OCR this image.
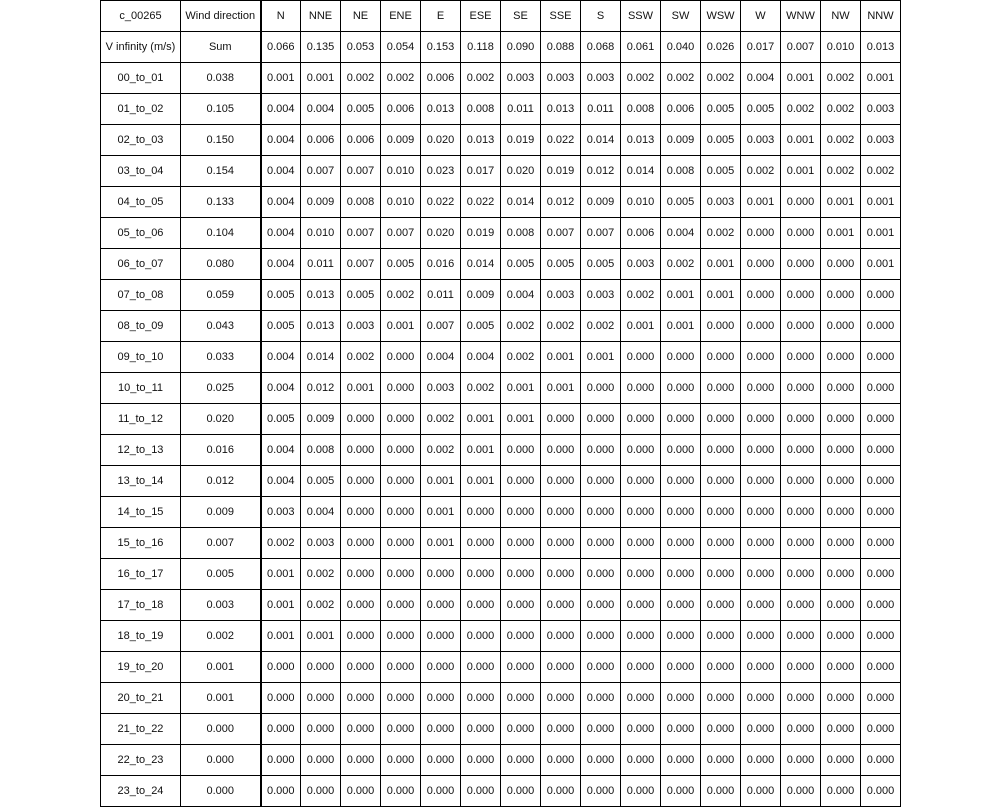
c_00265	Wind direction	N	NNE	NE	ENE	E	ESE	SE	SSE	S	SSW	SW	WSW	W	WNW	NW	NNW
V infinity (m/s)	Sum	0.066	0.135	0.053	0.054	0.153	0.118	0.090	0.088	0.068	0.061	0.040	0.026	0.017	0.007	0.010	0.013
00_to_01	0.038	0.001	0.001	0.002	0.002	0.006	0.002	0.003	0.003	0.003	0.002	0.002	0.002	0.004	0.001	0.002	0.001
01_to_02	0.105	0.004	0.004	0.005	0.006	0.013	0.008	0.011	0.013	0.011	0.008	0.006	0.005	0.005	0.002	0.002	0.003
02_to_03	0.150	0.004	0.006	0.006	0.009	0.020	0.013	0.019	0.022	0.014	0.013	0.009	0.005	0.003	0.001	0.002	0.003
03_to_04	0.154	0.004	0.007	0.007	0.010	0.023	0.017	0.020	0.019	0.012	0.014	0.008	0.005	0.002	0.001	0.002	0.002
04_to_05	0.133	0.004	0.009	0.008	0.010	0.022	0.022	0.014	0.012	0.009	0.010	0.005	0.003	0.001	0.000	0.001	0.001
05_to_06	0.104	0.004	0.010	0.007	0.007	0.020	0.019	0.008	0.007	0.007	0.006	0.004	0.002	0.000	0.000	0.001	0.001
06_to_07	0.080	0.004	0.011	0.007	0.005	0.016	0.014	0.005	0.005	0.005	0.003	0.002	0.001	0.000	0.000	0.000	0.001
07_to_08	0.059	0.005	0.013	0.005	0.002	0.011	0.009	0.004	0.003	0.003	0.002	0.001	0.001	0.000	0.000	0.000	0.000
08_to_09	0.043	0.005	0.013	0.003	0.001	0.007	0.005	0.002	0.002	0.002	0.001	0.001	0.000	0.000	0.000	0.000	0.000
09_to_10	0.033	0.004	0.014	0.002	0.000	0.004	0.004	0.002	0.001	0.001	0.000	0.000	0.000	0.000	0.000	0.000	0.000
10_to_11	0.025	0.004	0.012	0.001	0.000	0.003	0.002	0.001	0.001	0.000	0.000	0.000	0.000	0.000	0.000	0.000	0.000
11_to_12	0.020	0.005	0.009	0.000	0.000	0.002	0.001	0.001	0.000	0.000	0.000	0.000	0.000	0.000	0.000	0.000	0.000
12_to_13	0.016	0.004	0.008	0.000	0.000	0.002	0.001	0.000	0.000	0.000	0.000	0.000	0.000	0.000	0.000	0.000	0.000
13_to_14	0.012	0.004	0.005	0.000	0.000	0.001	0.001	0.000	0.000	0.000	0.000	0.000	0.000	0.000	0.000	0.000	0.000
14_to_15	0.009	0.003	0.004	0.000	0.000	0.001	0.000	0.000	0.000	0.000	0.000	0.000	0.000	0.000	0.000	0.000	0.000
15_to_16	0.007	0.002	0.003	0.000	0.000	0.001	0.000	0.000	0.000	0.000	0.000	0.000	0.000	0.000	0.000	0.000	0.000
16_to_17	0.005	0.001	0.002	0.000	0.000	0.000	0.000	0.000	0.000	0.000	0.000	0.000	0.000	0.000	0.000	0.000	0.000
17_to_18	0.003	0.001	0.002	0.000	0.000	0.000	0.000	0.000	0.000	0.000	0.000	0.000	0.000	0.000	0.000	0.000	0.000
18_to_19	0.002	0.001	0.001	0.000	0.000	0.000	0.000	0.000	0.000	0.000	0.000	0.000	0.000	0.000	0.000	0.000	0.000
19_to_20	0.001	0.000	0.000	0.000	0.000	0.000	0.000	0.000	0.000	0.000	0.000	0.000	0.000	0.000	0.000	0.000	0.000
20_to_21	0.001	0.000	0.000	0.000	0.000	0.000	0.000	0.000	0.000	0.000	0.000	0.000	0.000	0.000	0.000	0.000	0.000
21_to_22	0.000	0.000	0.000	0.000	0.000	0.000	0.000	0.000	0.000	0.000	0.000	0.000	0.000	0.000	0.000	0.000	0.000
22_to_23	0.000	0.000	0.000	0.000	0.000	0.000	0.000	0.000	0.000	0.000	0.000	0.000	0.000	0.000	0.000	0.000	0.000
23_to_24	0.000	0.000	0.000	0.000	0.000	0.000	0.000	0.000	0.000	0.000	0.000	0.000	0.000	0.000	0.000	0.000	0.000
